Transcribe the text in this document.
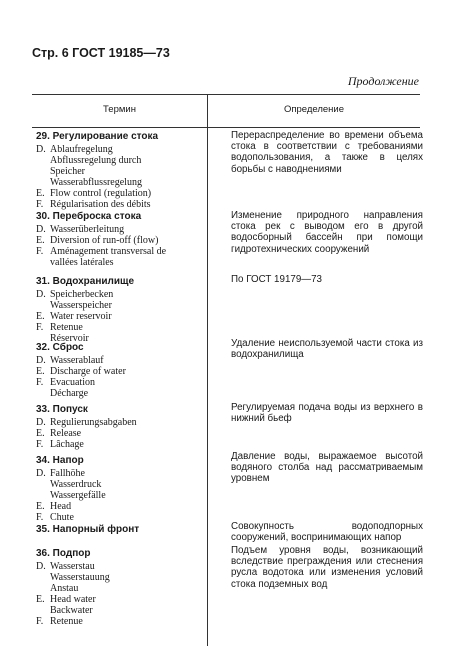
Стр. 6 ГОСТ 19185—73
Продолжение
Термин	Определение
29. Регулирование стока
D. Ablaufregelung
Abflussregelung durch
Speicher
Wasserabflussregelung
E. Flow control (regulation)
F. Régularisation des débits
Перераспределение во времени объема стока в соответствии с требованиями водопользования, а также в целях борьбы с наводнениями
30. Переброска стока
D. Wasserüberleitung
E. Diversion of run-off (flow)
F. Aménagement transversal de
vallées latérales
Изменение природного направления стока рек с выводом его в другой водосборный бассейн при помощи гидротехнических сооружений
31. Водохранилище
D. Speicherbecken
Wasserspeicher
E. Water reservoir
F. Retenue
Réservoir
По ГОСТ 19179—73
32. Сброс
D. Wasserablauf
E. Discharge of water
F. Evacuation
Décharge
Удаление неиспользуемой части стока из водохранилища
33. Попуск
D. Regulierungsabgaben
E. Release
F. Lâchage
Регулируемая подача воды из верхнего в нижний бьеф
34. Напор
D. Fallhöhe
Wasserdruck
Wassergefälle
E. Head
F. Chute
Давление воды, выражаемое высотой водяного столба над рассматриваемым уровнем
35. Напорный фронт	Совокупность водоподпорных сооружений, воспринимающих напор
36. Подпор
D. Wasserstau
Wasserstauung
Anstau
E. Head water
Backwater
F. Retenue
Подъем уровня воды, возникающий вследствие преграждения или стеснения русла водотока или изменения условий стока подземных вод
